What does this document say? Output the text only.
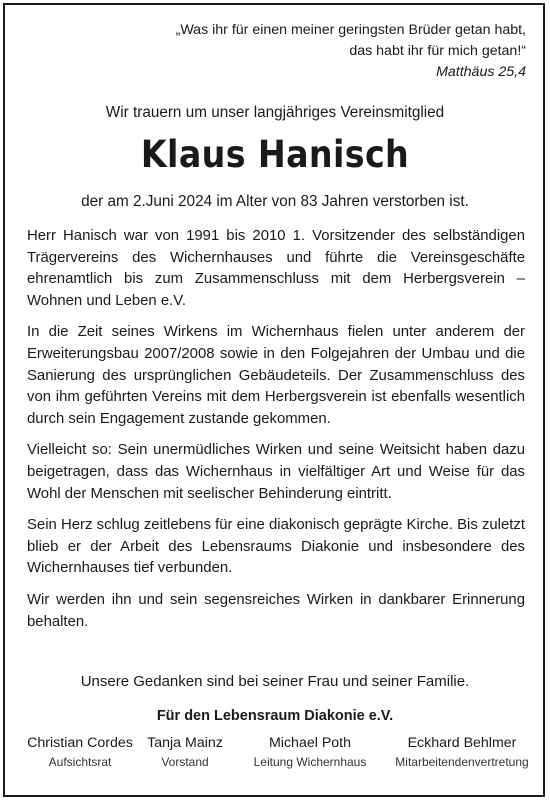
„Was ihr für einen meiner geringsten Brüder getan habt,
das habt ihr für mich getan!“
Matthäus 25,4
Wir trauern um unser langjähriges Vereinsmitglied
Klaus Hanisch
der am 2.Juni 2024 im Alter von 83 Jahren verstorben ist.

Herr Hanisch war von 1991 bis 2010 1. Vorsitzender des selbständigen Trägervereins des Wichernhauses und führte die Vereinsgeschäfte ehrenamtlich bis zum Zusammenschluss mit dem Herbergsverein – Wohnen und Leben e.V.

In die Zeit seines Wirkens im Wichernhaus fielen unter anderem der Erweiterungsbau 2007/2008 sowie in den Folgejahren der Umbau und die Sanierung des ursprünglichen Gebäudeteils. Der Zusammenschluss des von ihm geführten Vereins mit dem Herbergsverein ist ebenfalls wesentlich durch sein Engagement zustande gekommen.

Vielleicht so: Sein unermüdliches Wirken und seine Weitsicht haben dazu beigetragen, dass das Wichernhaus in vielfältiger Art und Weise für das Wohl der Menschen mit seelischer Behinderung eintritt.

Sein Herz schlug zeitlebens für eine diakonisch geprägte Kirche. Bis zuletzt blieb er der Arbeit des Lebensraums Diakonie und insbesondere des Wichernhauses tief verbunden.

Wir werden ihn und sein segensreiches Wirken in dankbarer Erinnerung behalten.

Unsere Gedanken sind bei seiner Frau und seiner Familie.
Für den Lebensraum Diakonie e.V.
Christian Cordes
Aufsichtsrat
Tanja Mainz
Vorstand
Michael Poth
Leitung Wichernhaus
Eckhard Behlmer
Mitarbeitendenvertretung
